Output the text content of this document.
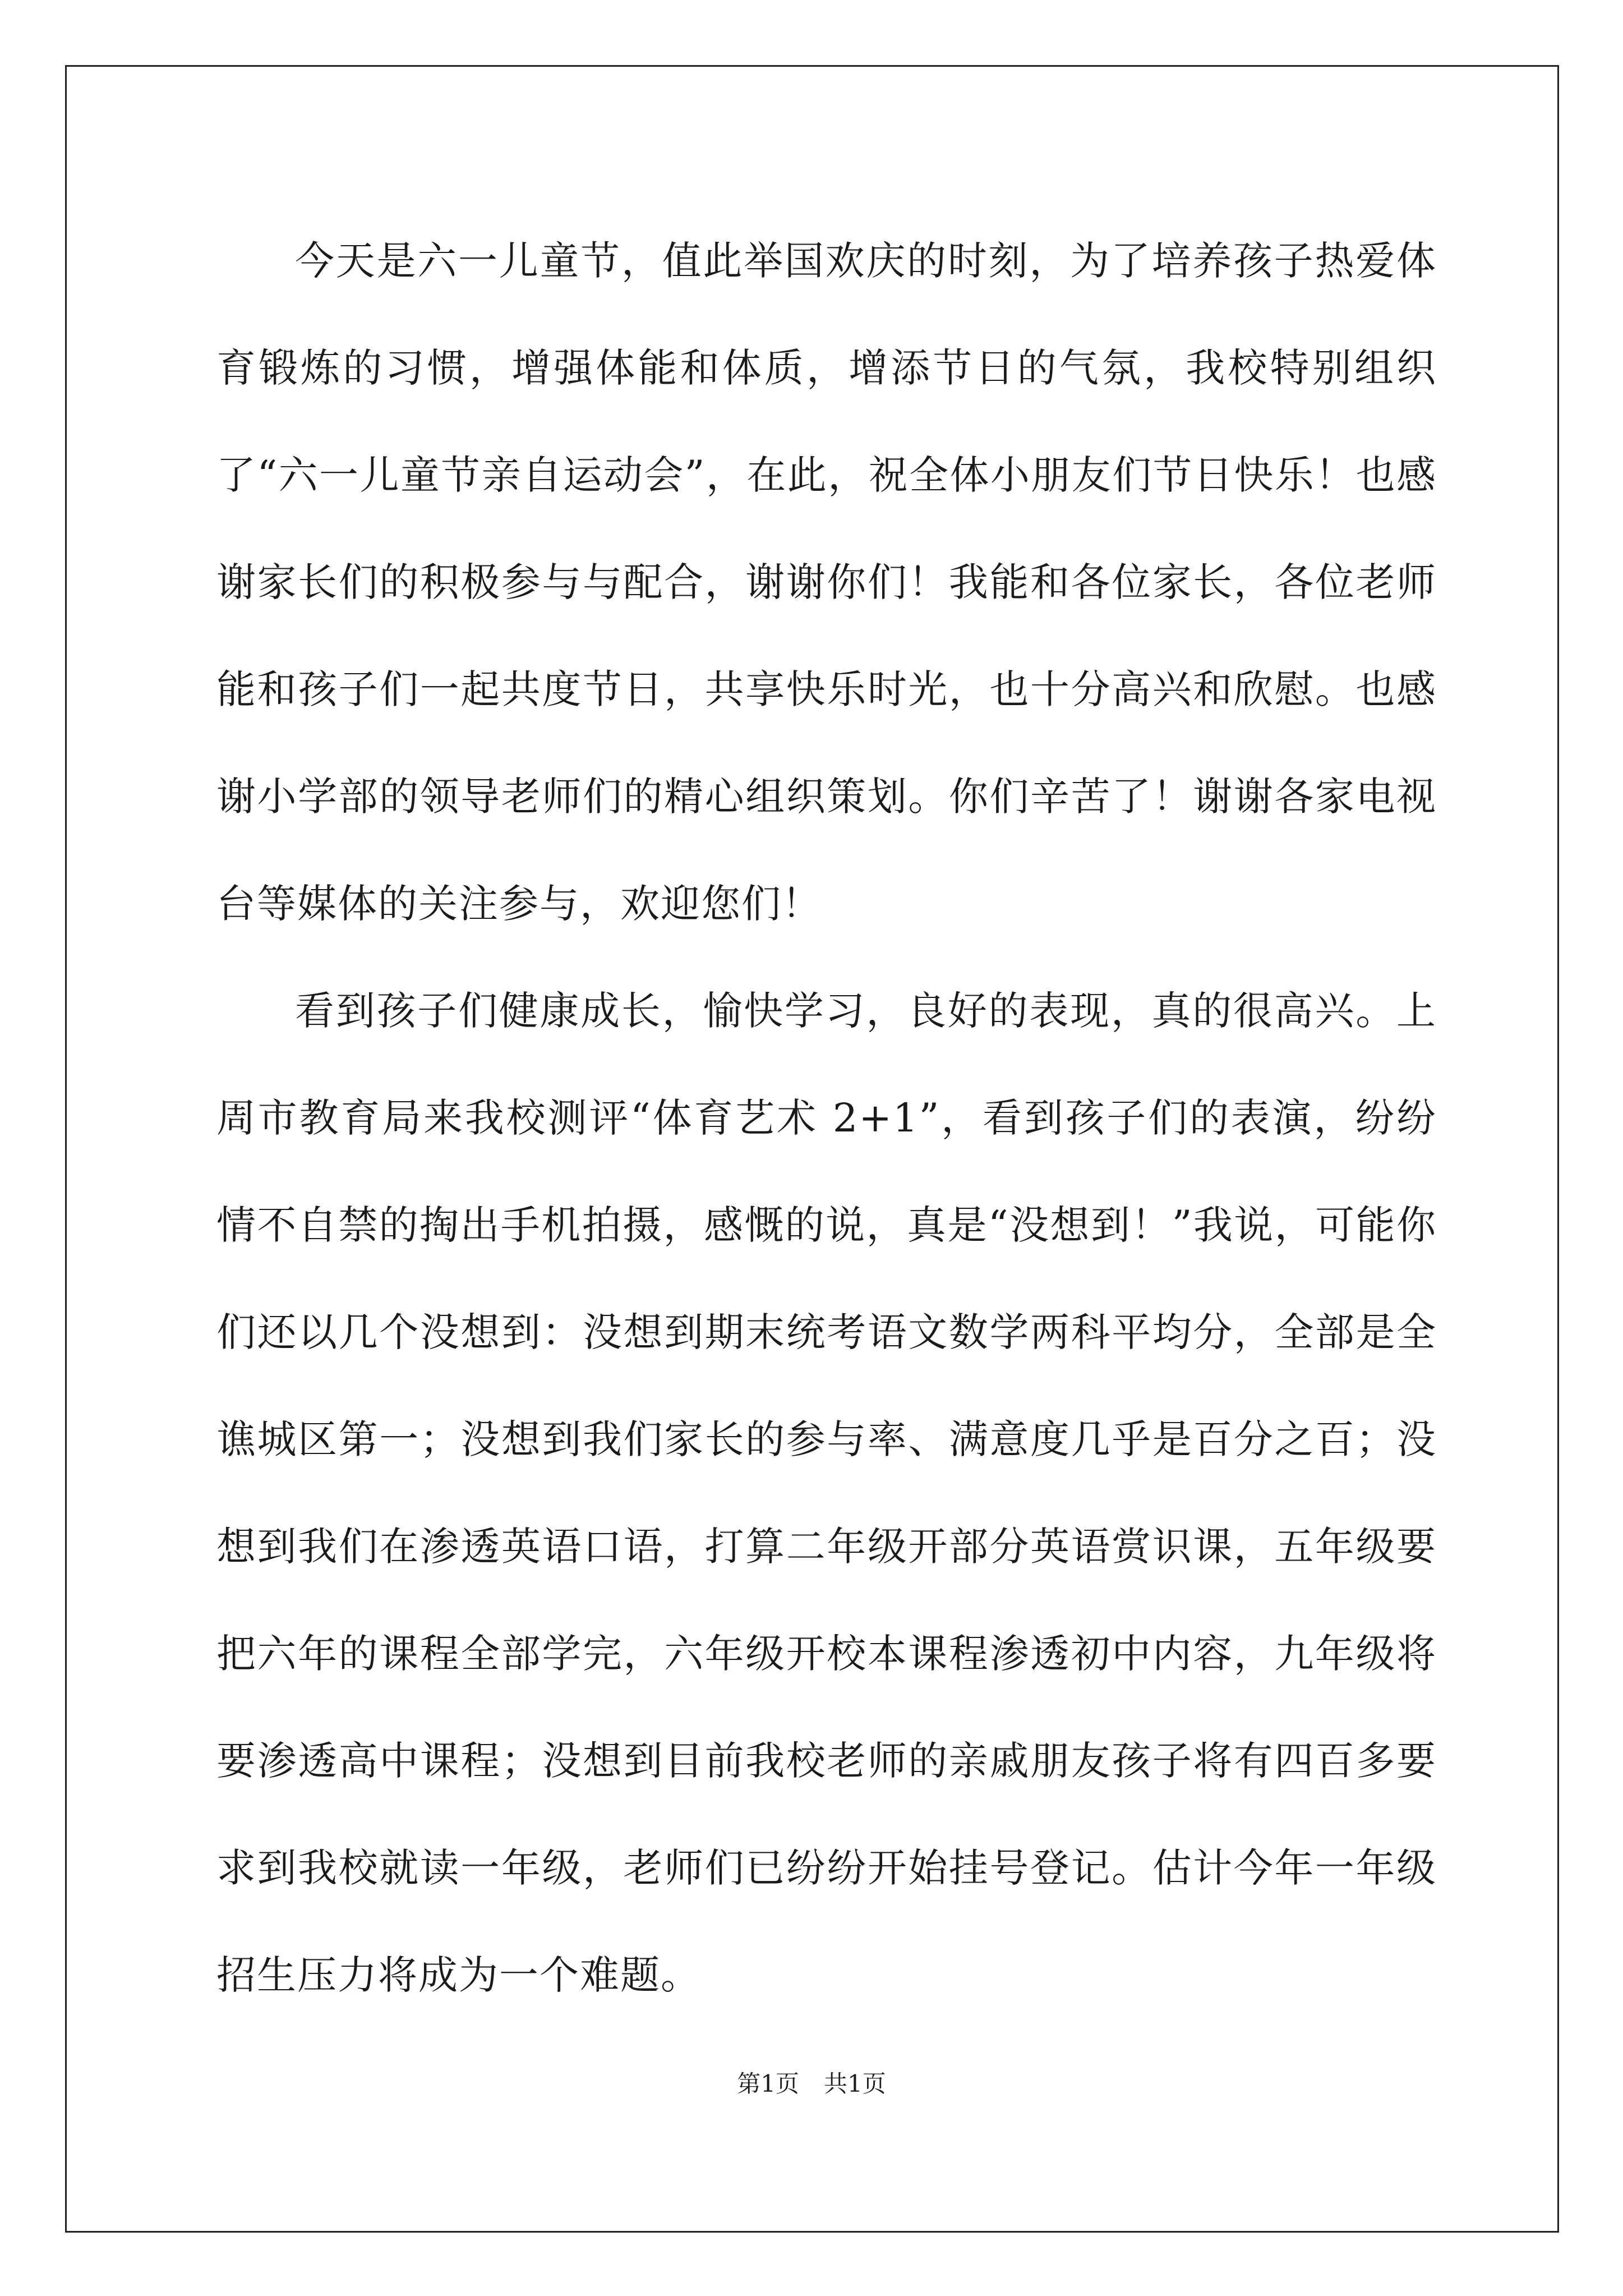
今天是六一儿童节，值此举国欢庆的时刻，为了培养孩子热爱体育锻炼的习惯，增强体能和体质，增添节日的气氛，我校特别组织了“六一儿童节亲自运动会”，在此，祝全体小朋友们节日快乐！也感谢家长们的积极参与与配合，谢谢你们！我能和各位家长，各位老师能和孩子们一起共度节日，共享快乐时光，也十分高兴和欣慰。也感谢小学部的领导老师们的精心组织策划。你们辛苦了！谢谢各家电视台等媒体的关注参与，欢迎您们！

看到孩子们健康成长，愉快学习，良好的表现，真的很高兴。上周市教育局来我校测评“体育艺术 2+1”，看到孩子们的表演，纷纷情不自禁的掏出手机拍摄，感慨的说，真是“没想到！”我说，可能你们还以几个没想到：没想到期末统考语文数学两科平均分，全部是全谯城区第一；没想到我们家长的参与率、满意度几乎是百分之百；没想到我们在渗透英语口语，打算二年级开部分英语赏识课，五年级要把六年的课程全部学完，六年级开校本课程渗透初中内容，九年级将要渗透高中课程；没想到目前我校老师的亲戚朋友孩子将有四百多要求到我校就读一年级，老师们已纷纷开始挂号登记。估计今年一年级招生压力将成为一个难题。

第1页 共1页
